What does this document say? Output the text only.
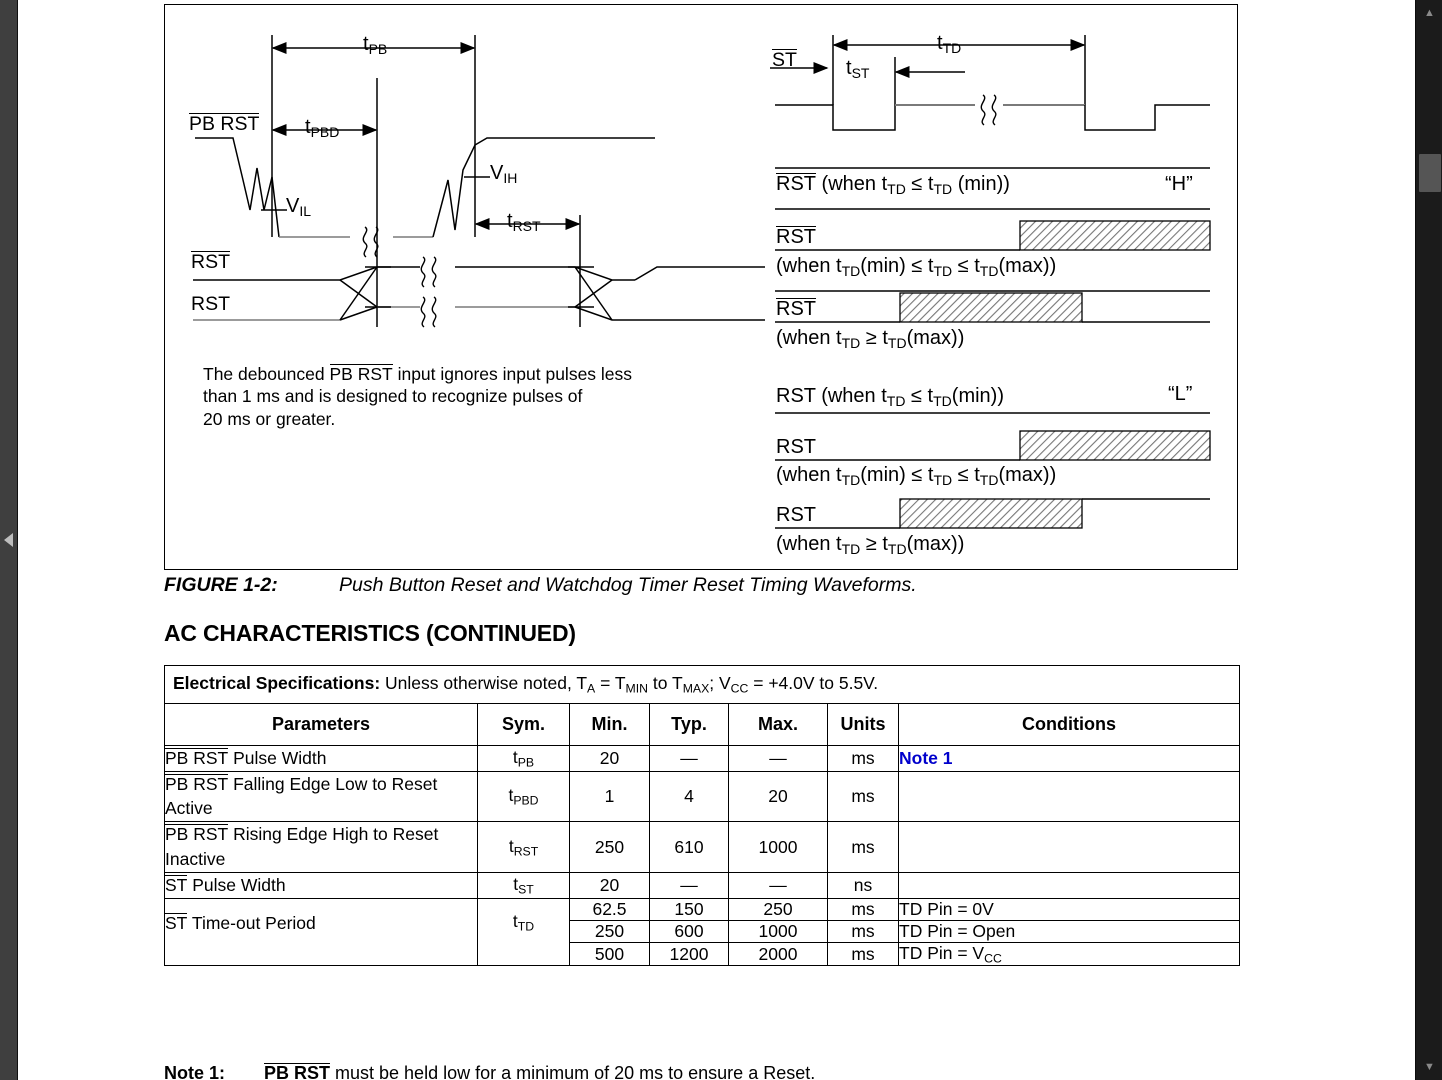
$t_{PB}$
PB RST $t_{PBD}$
$V_{IL}$
$V_{IH}$
$t_{RST}$
RST
RST
The debounced PB RST input ignores input pulses less
than 1 ms and is designed to recognize pulses of
20 ms or greater.
ST
$t_{TD}$
$t_{ST}$
RST (when $t_{TD} \le t_{TD}$ (min))	“H”
RST
(when $t_{TD}(\min) \le t_{TD} \le t_{TD}(\max)$)
RST
(when $t_{TD} \ge t_{TD}(\max)$)
RST (when $t_{TD} \le t_{TD}(\min)$)	“L”
RST
(when $t_{TD}(\min) \le t_{TD} \le t_{TD}(\max)$)
RST
(when $t_{TD} \ge t_{TD}(\max)$)
FIGURE 1-2:	Push Button Reset and Watchdog Timer Reset Timing Waveforms.
AC CHARACTERISTICS (CONTINUED)
Electrical Specifications: Unless otherwise noted, $T_A = T_{MIN}$ to $T_{MAX}$; $V_{CC} = +4.0V$ to 5.5V.						
Parameters	Sym.	Min.	Typ.	Max.	Units	Conditions
PB RST Pulse Width	$t_{PB}$	20	—	—	ms	Note 1
PB RST Falling Edge Low to Reset Active	$t_{PBD}$	1	4	20	ms	
PB RST Rising Edge High to Reset Inactive	$t_{RST}$	250	610	1000	ms	
ST Pulse Width	$t_{ST}$	20	—	—	ns	
ST Time-out Period	$t_{TD}$	62.5	150	250	ms	TD Pin = 0V
		250	600	1000	ms	TD Pin = Open
		500	1200	2000	ms	TD Pin = $V_{CC}$
Note 1: PB RST must be held low for a minimum of 20 ms to ensure a Reset.
▲
▼
